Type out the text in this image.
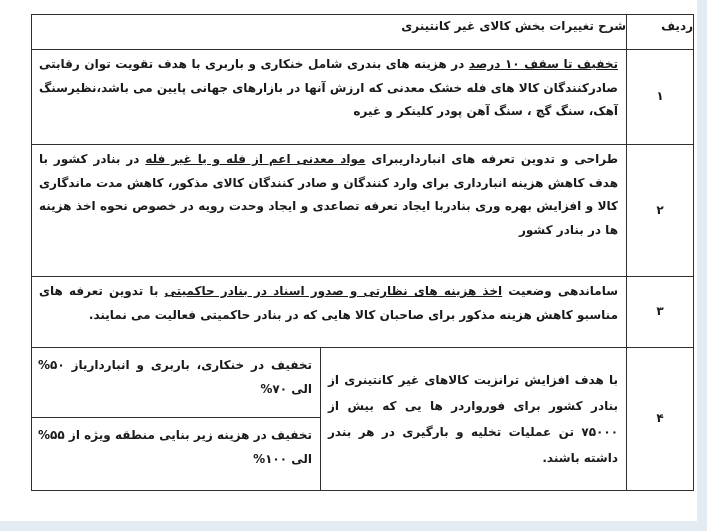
ردیف	شرح تغییرات بخش کالای غیر کانتینری	
۱	تخفیف تا سقف ۱۰ درصد در هزینه های بندری شامل خنکاری و باربری با هدف تقویت توان رقابتی صادرکنندگان کالا های فله خشک معدنی که ارزش آنها در بازارهای جهانی پایین می باشد،نظیرسنگ آهک، سنگ گچ ، سنگ آهن پودر کلینکر و غیره	

۲	طراحی و تدوین تعرفه های انبارداریبرای مواد معدنی اعم از فله و یا غیر فله در بنادر کشور با هدف کاهش هزینه انبارداری برای وارد کنندگان و صادر کنندگان کالای مذکور، کاهش مدت ماندگاری کالا و افزایش بهره وری بنادربا ایجاد تعرفه تصاعدی و ایجاد وحدت رویه در خصوص نحوه اخذ هزینه ها در بنادر کشور	

۳	ساماندهی وضعیت اخذ هزینه های نظارتی و صدور اسناد در بنادر حاکمیتی با تدوین تعرفه های مناسبو کاهش هزینه مذکور برای صاحبان کالا هایی که در بنادر حاکمیتی فعالیت می نمایند.	

۴	با هدف افزایش ترانزیت کالاهای غیر کانتینری از بنادر کشور برای فورواردر ها یی که بیش از ۷۵۰۰۰ تن عملیات تخلیه و بارگیری در هر بندر داشته باشند.	تخفیف در خنکاری، باربری و انبارداریاز ۵۰% الی ۷۰%
تخفیف در هزینه زیر بنایی منطقه ویژه از ۵۵% الی ۱۰۰%
